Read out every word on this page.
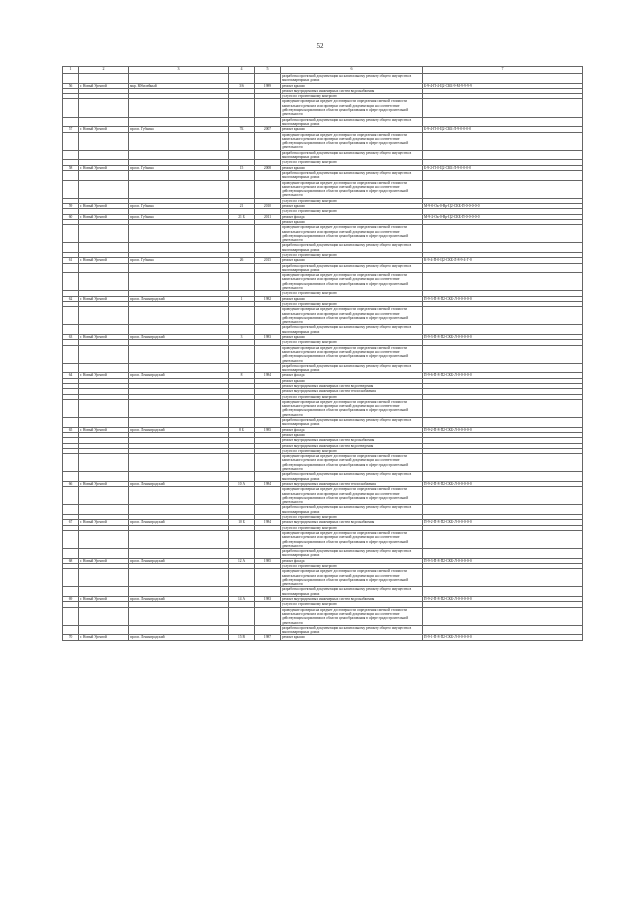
52
1	2	3	4	5	6	7
					разработка проектной документации на капитальному ремонту общего имущества в многоквартирных домах	
56	г. Новый Уренгой	мкр. Юбилейный	3/6	1989	ремонт крыши	Б-9-4-П-4-Ц2-СКБ-9-М-9-9-9-9
					ремонт внутридомовых инженерных систем водоснабжения	
					услуги по строительному контролю	
					проведение проверки на предмет достоверности определения сметной стоимости капитального ремонта или проверки сметной документации на соответствие действующим нормативам в области ценообразования в сфере градостроительной деятельности	
					разработка проектной документации на капитальному ремонту общего имущества в многоквартирных домах	
57	г. Новый Уренгой	просп. Губкина	7Б	2007	ремонт крыши	Б-9-4-П-0-Ц2-СКБ-Л-9-0-0-0-0
					проведение проверки на предмет достоверности определения сметной стоимости капитального ремонта или проверки сметной документации на соответствие действующим нормативам в области ценообразования в сфере градостроительной деятельности	
					разработка проектной документации на капитальному ремонту общего имущества в многоквартирных домах	
					услуги по строительному контролю	
58	г. Новый Уренгой	просп. Губкина	15	2008	ремонт крыши	Б-9-2-П-0-Ц2-СКБ-Л-9-0-0-0-0
					разработка проектной документации на капитальному ремонту общего имущества в многоквартирных домах	
					проведение проверки на предмет достоверности определения сметной стоимости капитального ремонта или проверки сметной документации на соответствие действующим нормативам в области ценообразования в сфере градостроительной деятельности	
					услуги по строительному контролю	
59	г. Новый Уренгой	просп. Губкина	21	2010	ремонт крыши	М-9-0-Ок-0-Вр-Ц2-СКБ-П-0-0-0-0-0
					услуги по строительному контролю	
60	г. Новый Уренгой	просп. Губкина	21 Б	2011	ремонт фасада	М-9-2-Ок-0-Вр-Ц2-СКБ-П-0-0-0-0-0
					ремонт крыши	
					проведение проверки на предмет достоверности определения сметной стоимости капитального ремонта или проверки сметной документации на соответствие действующим нормативам в области ценообразования в сфере градостроительной деятельности	
					разработка проектной документации на капитальному ремонту общего имущества в многоквартирных домах	
					услуги по строительному контролю	
61	г. Новый Уренгой	просп. Губкина	26	2015	ремонт крыши	К-9-4-П-0-Ц2-СКБ-Л-8-9-4-Г-0
					разработка проектной документации на капитальному ремонту общего имущества в многоквартирных домах	
					проведение проверки на предмет достоверности определения сметной стоимости капитального ремонта или проверки сметной документации на соответствие действующим нормативам в области ценообразования в сфере градостроительной деятельности	
					услуги по строительному контролю	
62	г. Новый Уренгой	просп. Ленинградский	1	1982	ремонт крыши	П-9-3-П-8-П2-СКБ-Л-0-0-0-0-0
					услуги по строительному контролю	
					проведение проверки на предмет достоверности определения сметной стоимости капитального ремонта или проверки сметной документации на соответствие действующим нормативам в области ценообразования в сфере градостроительной деятельности	
					разработка проектной документации на капитальному ремонту общего имущества в многоквартирных домах	
63	г. Новый Уренгой	просп. Ленинградский	3	1983	ремонт крыши	П-9-3-П-8-П2-СКБ-Л-0-0-0-0-0
					услуги по строительному контролю	
					проведение проверки на предмет достоверности определения сметной стоимости капитального ремонта или проверки сметной документации на соответствие действующим нормативам в области ценообразования в сфере градостроительной деятельности	
					разработка проектной документации на капитальному ремонту общего имущества в многоквартирных домах	
64	г. Новый Уренгой	просп. Ленинградский	8	1984	ремонт фасада	П-9-6-П-8-П2-СКБ-Л-0-0-0-0-0
					ремонт крыши	
					ремонт внутридомовых инженерных систем водоотведения	
					ремонт внутридомовых инженерных систем теплоснабжения	
					услуги по строительному контролю	
					проведение проверки на предмет достоверности определения сметной стоимости капитального ремонта или проверки сметной документации на соответствие действующим нормативам в области ценообразования в сфере градостроительной деятельности	
					разработка проектной документации на капитальному ремонту общего имущества в многоквартирных домах	
65	г. Новый Уренгой	просп. Ленинградский	8 Б	1985	ремонт фасада	П-9-2-П-8-П2-СКБ-Л-0-0-0-0-0
					ремонт крыши	
					ремонт внутридомовых инженерных систем водоснабжения	
					ремонт внутридомовых инженерных систем водоотведения	
					услуги по строительному контролю	
					проведение проверки на предмет достоверности определения сметной стоимости капитального ремонта или проверки сметной документации на соответствие действующим нормативам в области ценообразования в сфере градостроительной деятельности	
					разработка проектной документации на капитальному ремонту общего имущества в многоквартирных домах	
66	г. Новый Уренгой	просп. Ленинградский	10 А	1984	ремонт внутридомовых инженерных систем теплоснабжения	П-9-2-П-8-П2-СКБ-Л-0-0-0-0-0
					проведение проверки на предмет достоверности определения сметной стоимости капитального ремонта или проверки сметной документации на соответствие действующим нормативам в области ценообразования в сфере градостроительной деятельности	
					разработка проектной документации на капитальному ремонту общего имущества в многоквартирных домах	
					услуги по строительному контролю	
67	г. Новый Уренгой	просп. Ленинградский	10 Б	1984	ремонт внутридомовых инженерных систем водоснабжения	П-9-2-П-8-П2-СКБ-Л-0-0-0-0-0
					услуги по строительному контролю	
					проведение проверки на предмет достоверности определения сметной стоимости капитального ремонта или проверки сметной документации на соответствие действующим нормативам в области ценообразования в сфере градостроительной деятельности	
					разработка проектной документации на капитальному ремонту общего имущества в многоквартирных домах	
68	г. Новый Уренгой	просп. Ленинградский	12 А	1985	ремонт фасада	П-9-3-П-8-П2-СКБ-Л-0-0-0-0-0
					услуги по строительному контролю	
					проведение проверки на предмет достоверности определения сметной стоимости капитального ремонта или проверки сметной документации на соответствие действующим нормативам в области ценообразования в сфере градостроительной деятельности	
					разработка проектной документации на капитальному ремонту общего имущества в многоквартирных домах	
69	г. Новый Уренгой	просп. Ленинградский	14 А	1983	ремонт внутридомовых инженерных систем водоснабжения	П-9-2-П-8-П2-СКБ-Л-0-0-0-0-0
					услуги по строительному контролю	
					проведение проверки на предмет достоверности определения сметной стоимости капитального ремонта или проверки сметной документации на соответствие действующим нормативам в области ценообразования в сфере градостроительной деятельности	
					разработка проектной документации на капитальному ремонту общего имущества в многоквартирных домах	
70	г. Новый Уренгой	просп. Ленинградский	15 В	1987	ремонт крыши	П-9-1-П-8-П2-СКБ-Л-0-0-0-0-0
